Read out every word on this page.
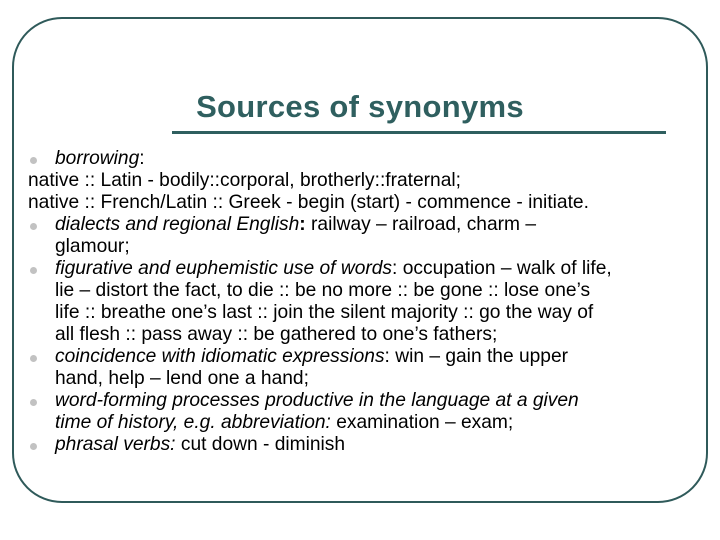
Sources of synonyms
borrowing:
native :: Latin - bodily::corporal, brotherly::fraternal;
native :: French/Latin :: Greek - begin (start) - commence - initiate.
dialects and regional English: railway – railroad, charm –
glamour;
figurative and euphemistic use of words: occupation – walk of life,
lie – distort the fact, to die :: be no more :: be gone :: lose one’s
life :: breathe one’s last :: join the silent majority :: go the way of
all flesh :: pass away :: be gathered to one’s fathers;
coincidence with idiomatic expressions: win – gain the upper
hand, help – lend one a hand;
word-forming processes productive in the language at a given
time of history, e.g. abbreviation: examination – exam;
phrasal verbs: cut down - diminish
